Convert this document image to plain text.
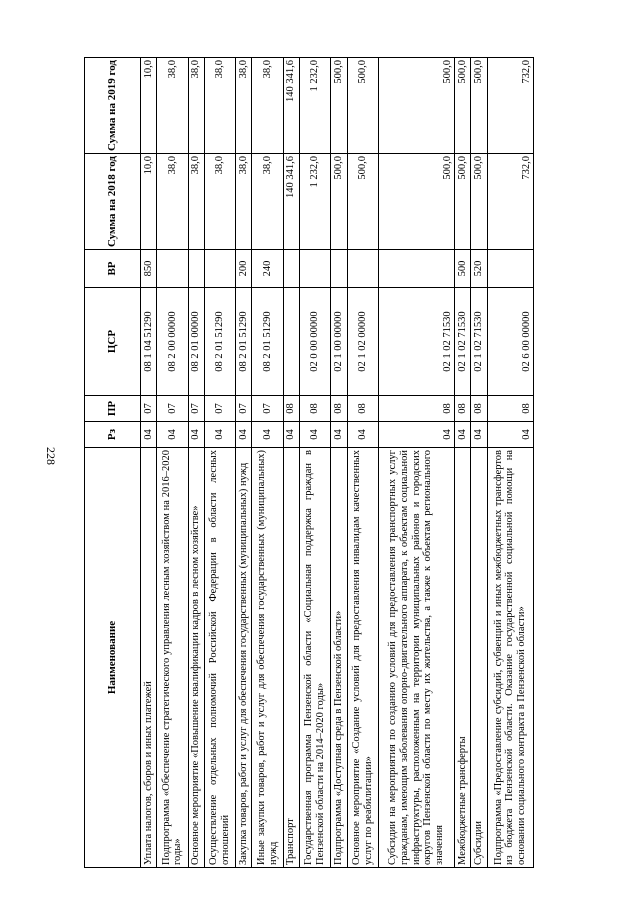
228
Наименование	Рз	ПР	ЦСР	ВР	Сумма на 2018 год	Сумма на 2019 год
Уплата налогов, сборов и иных платежей	04	07	08 1 04 51290	850	10,0	10,0
Подпрограмма «Обеспечение стратегического управления лесным хозяйством на 2016–2020 годы»	04	07	08 2 00 00000		38,0	38,0
Основное мероприятие «Повышение квалификации кадров в лесном хозяйстве»	04	07	08 2 01 00000		38,0	38,0
Осуществление отдельных полномочий Российской Федерации в области лесных отношений	04	07	08 2 01 51290		38,0	38,0
Закупка товаров, работ и услуг для обеспечения государственных (муниципальных) нужд	04	07	08 2 01 51290	200	38,0	38,0
Иные закупки товаров, работ и услуг для обеспечения государственных (муниципальных) нужд	04	07	08 2 01 51290	240	38,0	38,0
Транспорт	04	08			140 341,6	140 341,6
Государственная программа Пензенской области «Социальная поддержка граждан в Пензенской области на 2014–2020 годы»	04	08	02 0 00 00000		1 232,0	1 232,0
Подпрограмма «Доступная среда в Пензенской области»	04	08	02 1 00 00000		500,0	500,0
Основное мероприятие «Создание условий для предоставления инвалидам качественных услуг по реабилитации»	04	08	02 1 02 00000		500,0	500,0
Субсидии на мероприятия по созданию условий для предоставления транспортных услуг гражданам, имеющим заболевания опорно-двигательного аппарата, к объектам социальной инфраструктуры, расположенным на территории муниципальных районов и городских округов Пензенской области по месту их жительства, а также к объектам регионального значения	04	08	02 1 02 71530		500,0	500,0
Межбюджетные трансферты	04	08	02 1 02 71530	500	500,0	500,0
Субсидии	04	08	02 1 02 71530	520	500,0	500,0
Подпрограмма «Предоставление субсидий, субвенций и иных межбюджетных трансфертов из бюджета Пензенской области. Оказание государственной социальной помощи на основании социального контракта в Пензенской области»	04	08	02 6 00 00000		732,0	732,0
